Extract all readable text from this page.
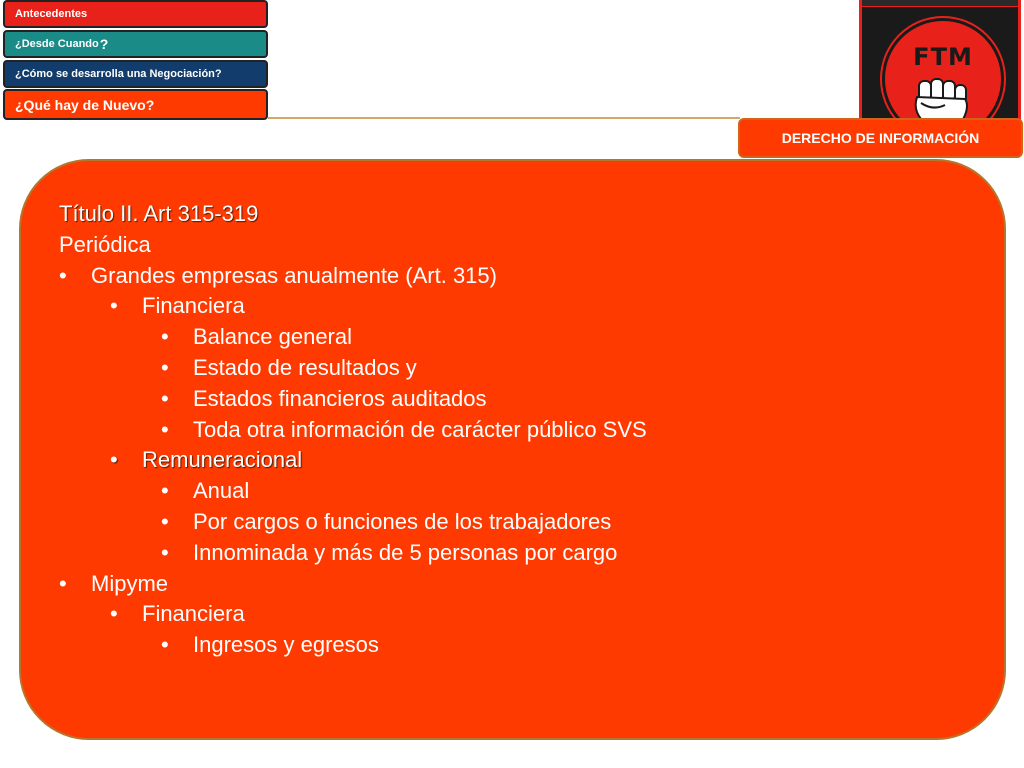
Antecedentes
¿Desde Cuando ?
¿Cómo se desarrolla una Negociación?
¿Qué hay de Nuevo?
FTM
DERECHO DE INFORMACIÓN
Título II. Art 315-319
Periódica
• Grandes empresas anualmente (Art. 315)
• Financiera
• Balance general
• Estado de resultados y
• Estados financieros auditados
• Toda otra información de carácter público SVS
• Remuneracional
• Anual
• Por cargos o funciones de los trabajadores
• Innominada y más de 5 personas por cargo
• Mipyme
• Financiera
• Ingresos y egresos
